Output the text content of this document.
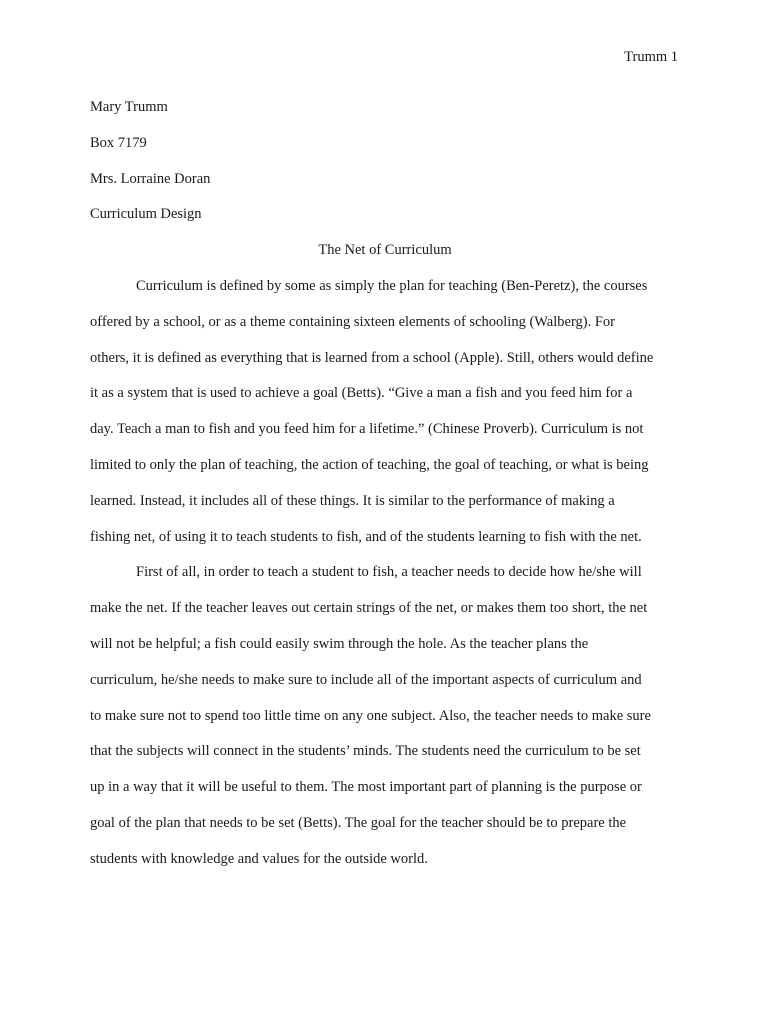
Trumm 1
Mary Trumm
Box 7179
Mrs. Lorraine Doran
Curriculum Design
The Net of Curriculum
Curriculum is defined by some as simply the plan for teaching (Ben-Peretz), the courses
offered by a school, or as a theme containing sixteen elements of schooling (Walberg). For
others, it is defined as everything that is learned from a school (Apple). Still, others would define
it as a system that is used to achieve a goal (Betts). “Give a man a fish and you feed him for a
day. Teach a man to fish and you feed him for a lifetime.” (Chinese Proverb). Curriculum is not
limited to only the plan of teaching, the action of teaching, the goal of teaching, or what is being
learned. Instead, it includes all of these things. It is similar to the performance of making a
fishing net, of using it to teach students to fish, and of the students learning to fish with the net.
First of all, in order to teach a student to fish, a teacher needs to decide how he/she will
make the net. If the teacher leaves out certain strings of the net, or makes them too short, the net
will not be helpful; a fish could easily swim through the hole. As the teacher plans the
curriculum, he/she needs to make sure to include all of the important aspects of curriculum and
to make sure not to spend too little time on any one subject. Also, the teacher needs to make sure
that the subjects will connect in the students’ minds. The students need the curriculum to be set
up in a way that it will be useful to them. The most important part of planning is the purpose or
goal of the plan that needs to be set (Betts). The goal for the teacher should be to prepare the
students with knowledge and values for the outside world.
